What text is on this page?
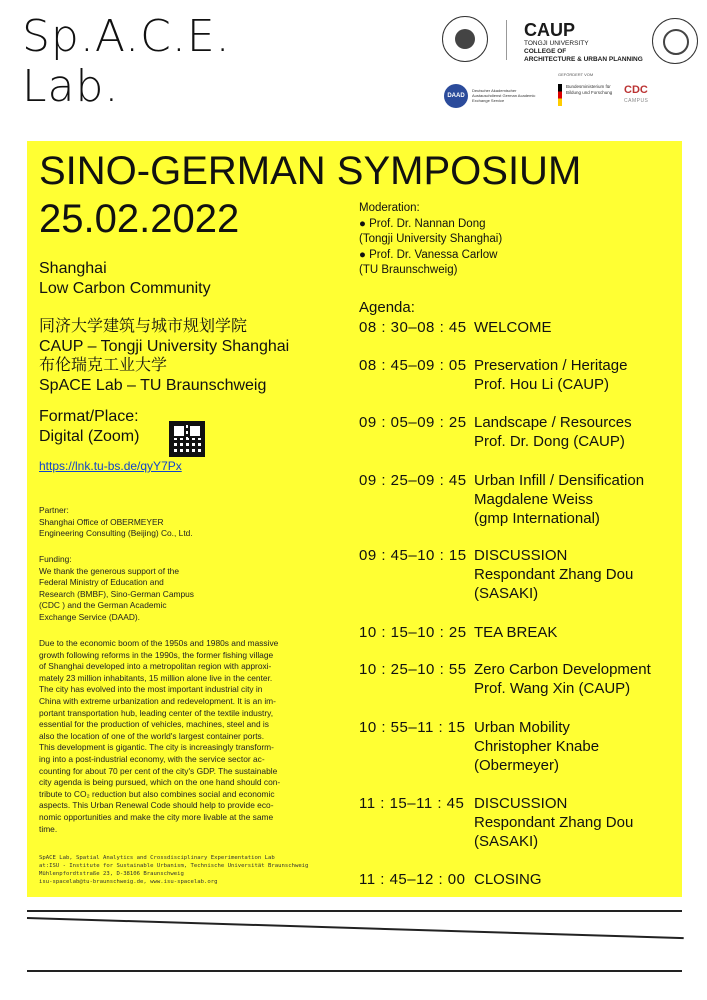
Sp.A.C.E.
Lab.
CAUP
TONGJI UNIVERSITY
COLLEGE OF
ARCHITECTURE & URBAN PLANNING
DAAD
Deutscher Akademischer Austauschdienst German Academic Exchange Service
GEFÖRDERT VOM
Bundesministerium für Bildung und Forschung	CDC
CAMPUS
SINO-GERMAN SYMPOSIUM
25.02.2022
Shanghai
Low Carbon Community
同济大学建筑与城市规划学院
CAUP – Tongji University Shanghai
布伦瑞克工业大学
SpACE Lab – TU Braunschweig
Format/Place:
Digital (Zoom)
https://lnk.tu-bs.de/qyY7Px
Partner:
Shanghai Office of OBERMEYER
Engineering Consulting (Beijing) Co., Ltd.
Funding:
We thank the generous support of the
Federal Ministry of Education and
Research (BMBF), Sino-German Campus
(CDC ) and the German Academic
Exchange Service (DAAD).
Due to the economic boom of the 1950s and 1980s and massive
growth following reforms in the 1990s, the former fishing village
of Shanghai developed into a metropolitan region with approxi-
mately 23 million inhabitants, 15 million alone live in the center.
The city has evolved into the most important industrial city in
China with extreme urbanization and redevelopment. It is an im-
portant transportation hub, leading center of the textile industry,
essential for the production of vehicles, machines, steel and is
also the location of one of the world's largest container ports.
This development is gigantic. The city is increasingly transform-
ing into a post-industrial economy, with the service sector ac-
counting for about 70 per cent of the city's GDP. The sustainable
city agenda is being pursued, which on the one hand should con-
tribute to CO₂ reduction but also combines social and economic
aspects. This Urban Renewal Code should help to provide eco-
nomic opportunities and make the city more livable at the same
time.
SpACE Lab, Spatial Analytics and Crossdisciplinary Experimentation Lab
at:ISU - Institute for Sustainable Urbanism, Technische Universität Braunschweig
Mühlenpfordtstraße 23, D-38106 Braunschweig
isu-spacelab@tu-braunschweig.de, www.isu-spacelab.org
Moderation:
● Prof. Dr. Nannan Dong
(Tongji University Shanghai)
● Prof. Dr. Vanessa Carlow
(TU Braunschweig)
Agenda:
08 : 30–08 : 45 WELCOME
08 : 45–09 : 05 Preservation / Heritage
Prof. Hou Li (CAUP)
09 : 05–09 : 25 Landscape / Resources
Prof. Dr. Dong (CAUP)
09 : 25–09 : 45 Urban Infill / Densification
Magdalene Weiss
(gmp International)
09 : 45–10 : 15 DISCUSSION
Respondant Zhang Dou
(SASAKI)
10 : 15–10 : 25 TEA BREAK
10 : 25–10 : 55 Zero Carbon Development
Prof. Wang Xin (CAUP)
10 : 55–11 : 15 Urban Mobility
Christopher Knabe
(Obermeyer)
11 : 15–11 : 45 DISCUSSION
Respondant Zhang Dou
(SASAKI)
11 : 45–12 : 00 CLOSING
